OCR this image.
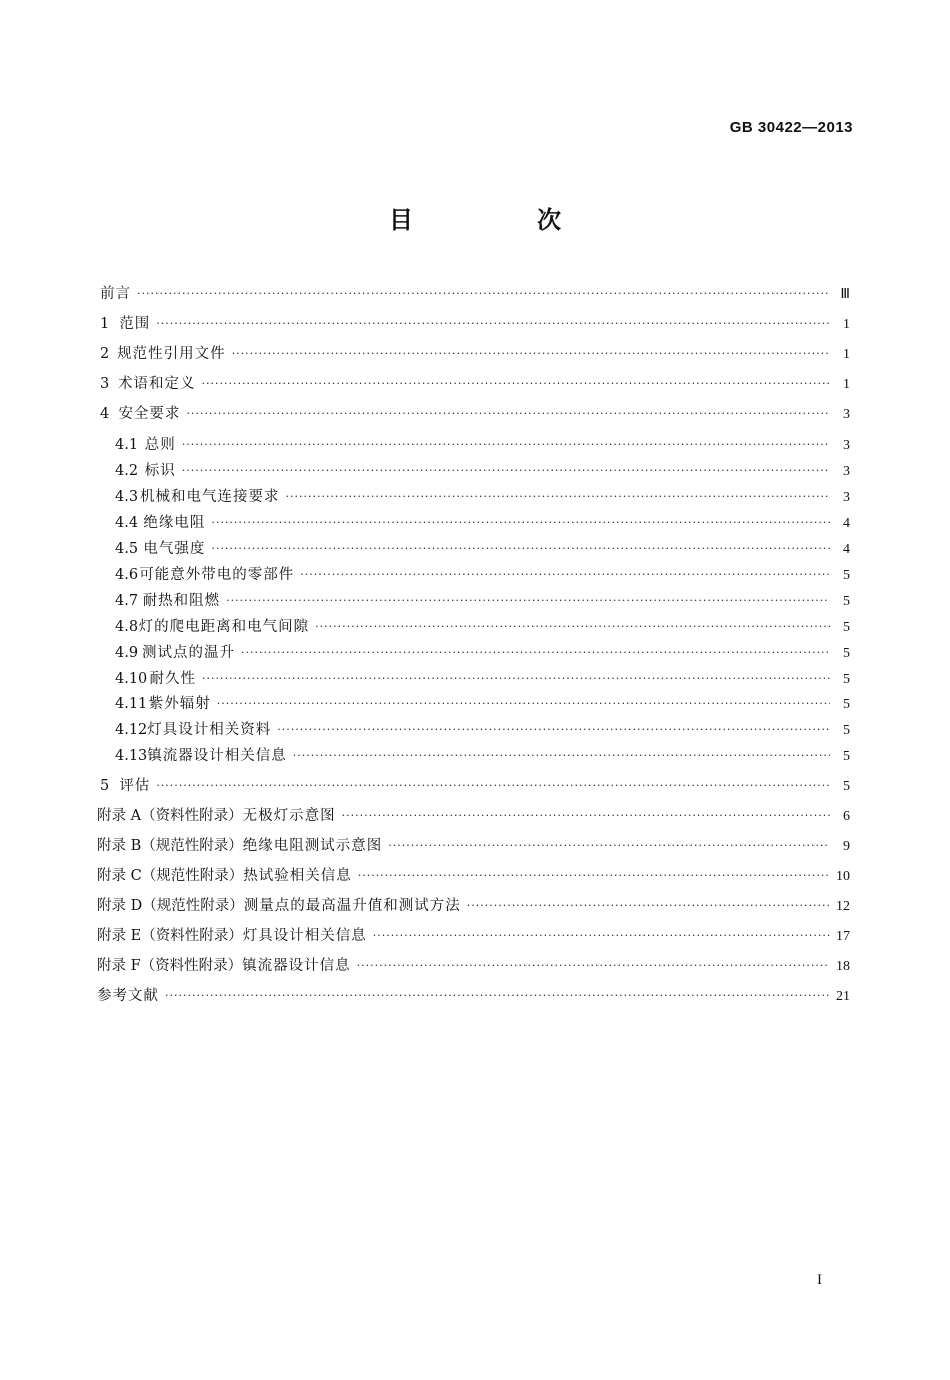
GB 30422—2013
目　次
前言 ·····	Ⅲ
1 范围 ·····	1
2 规范性引用文件 ·····	1
3 术语和定义 ·····	1
4 安全要求 ·····	3
4.1 总则 ·····	3
4.2 标识 ·····	3
4.3 机械和电气连接要求 ·····	3
4.4 绝缘电阻 ·····	4
4.5 电气强度 ·····	4
4.6 可能意外带电的零部件 ·····	5
4.7 耐热和阻燃 ·····	5
4.8 灯的爬电距离和电气间隙 ·····	5
4.9 测试点的温升 ·····	5
4.10 耐久性 ·····	5
4.11 紫外辐射 ·····	5
4.12 灯具设计相关资料 ·····	5
4.13 镇流器设计相关信息 ·····	5
5 评估 ·····	5
附录 A（资料性附录） 无极灯示意图 ·····	6
附录 B（规范性附录） 绝缘电阻测试示意图 ·····	9
附录 C（规范性附录） 热试验相关信息 ·····	10
附录 D（规范性附录） 测量点的最高温升值和测试方法 ·····	12
附录 E（资料性附录） 灯具设计相关信息 ·····	17
附录 F（资料性附录） 镇流器设计信息 ·····	18
参考文献 ·····	21
I
